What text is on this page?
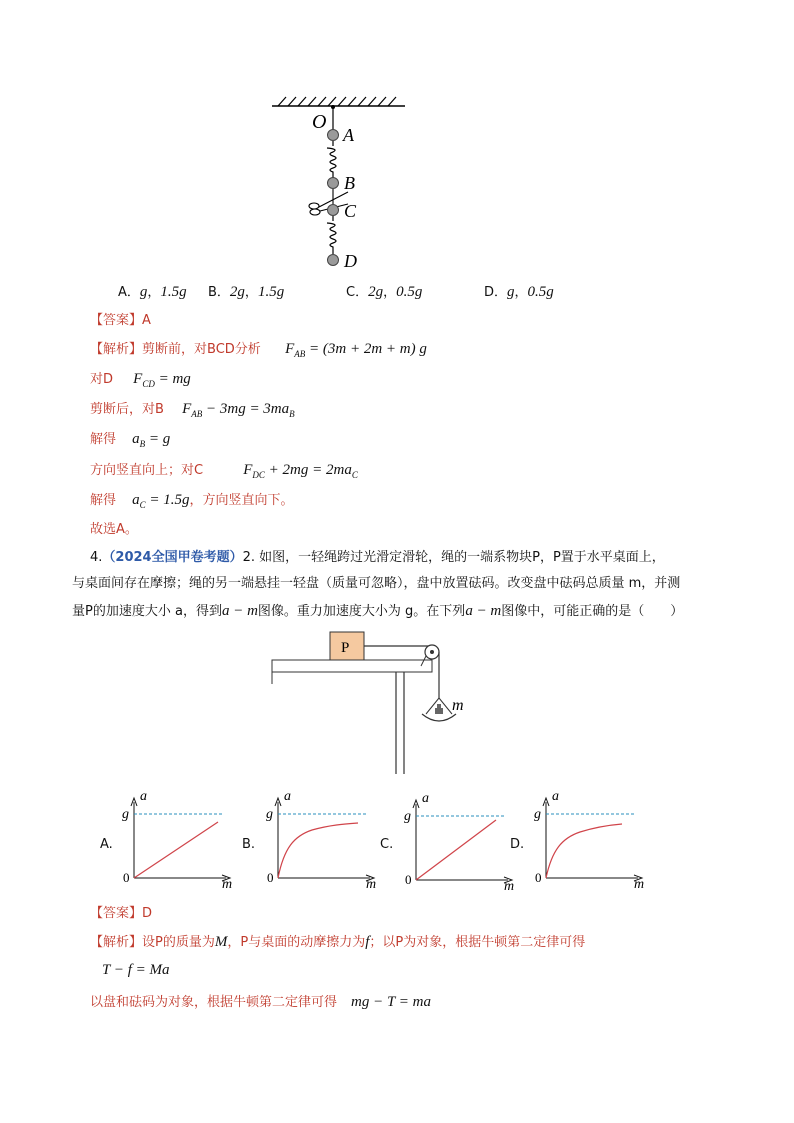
O
A
B
C
D
A．g，1.5g B．2g，1.5g	C．2g，0.5g	D．g，0.5g
【答案】A
【解析】剪断前，对BCD分析 $F_{AB} = (3m + 2m + m)$ g
对D $F_{CD}$ = mg
剪断后，对B $F_{AB} - 3mg = 3ma_B$
解得 $a_B = g$
方向竖直向上；对C	$F_{DC} + 2mg = 2ma_C$
解得 $a_C = 1.5g$，方向竖直向下。
故选A。
4.（2024全国甲卷考题）2. 如图，一轻绳跨过光滑定滑轮，绳的一端系物块P，P置于水平桌面上，
与桌面间存在摩擦；绳的另一端悬挂一轻盘（质量可忽略），盘中放置砝码。改变盘中砝码总质量 m，并测
量P的加速度大小 a，得到a − m图像。重力加速度大小为 g。在下列a − m图像中，可能正确的是（　　）
P
m
A.
a
g
0	m
B.
a
g
0	m
C.
a
g
0	m
D.
a
g
0	m
【答案】D
【解析】设P的质量为M，P与桌面的动摩擦力为f；以P为对象，根据牛顿第二定律可得
T − f = Ma
以盘和砝码为对象，根据牛顿第二定律可得 mg − T = ma
